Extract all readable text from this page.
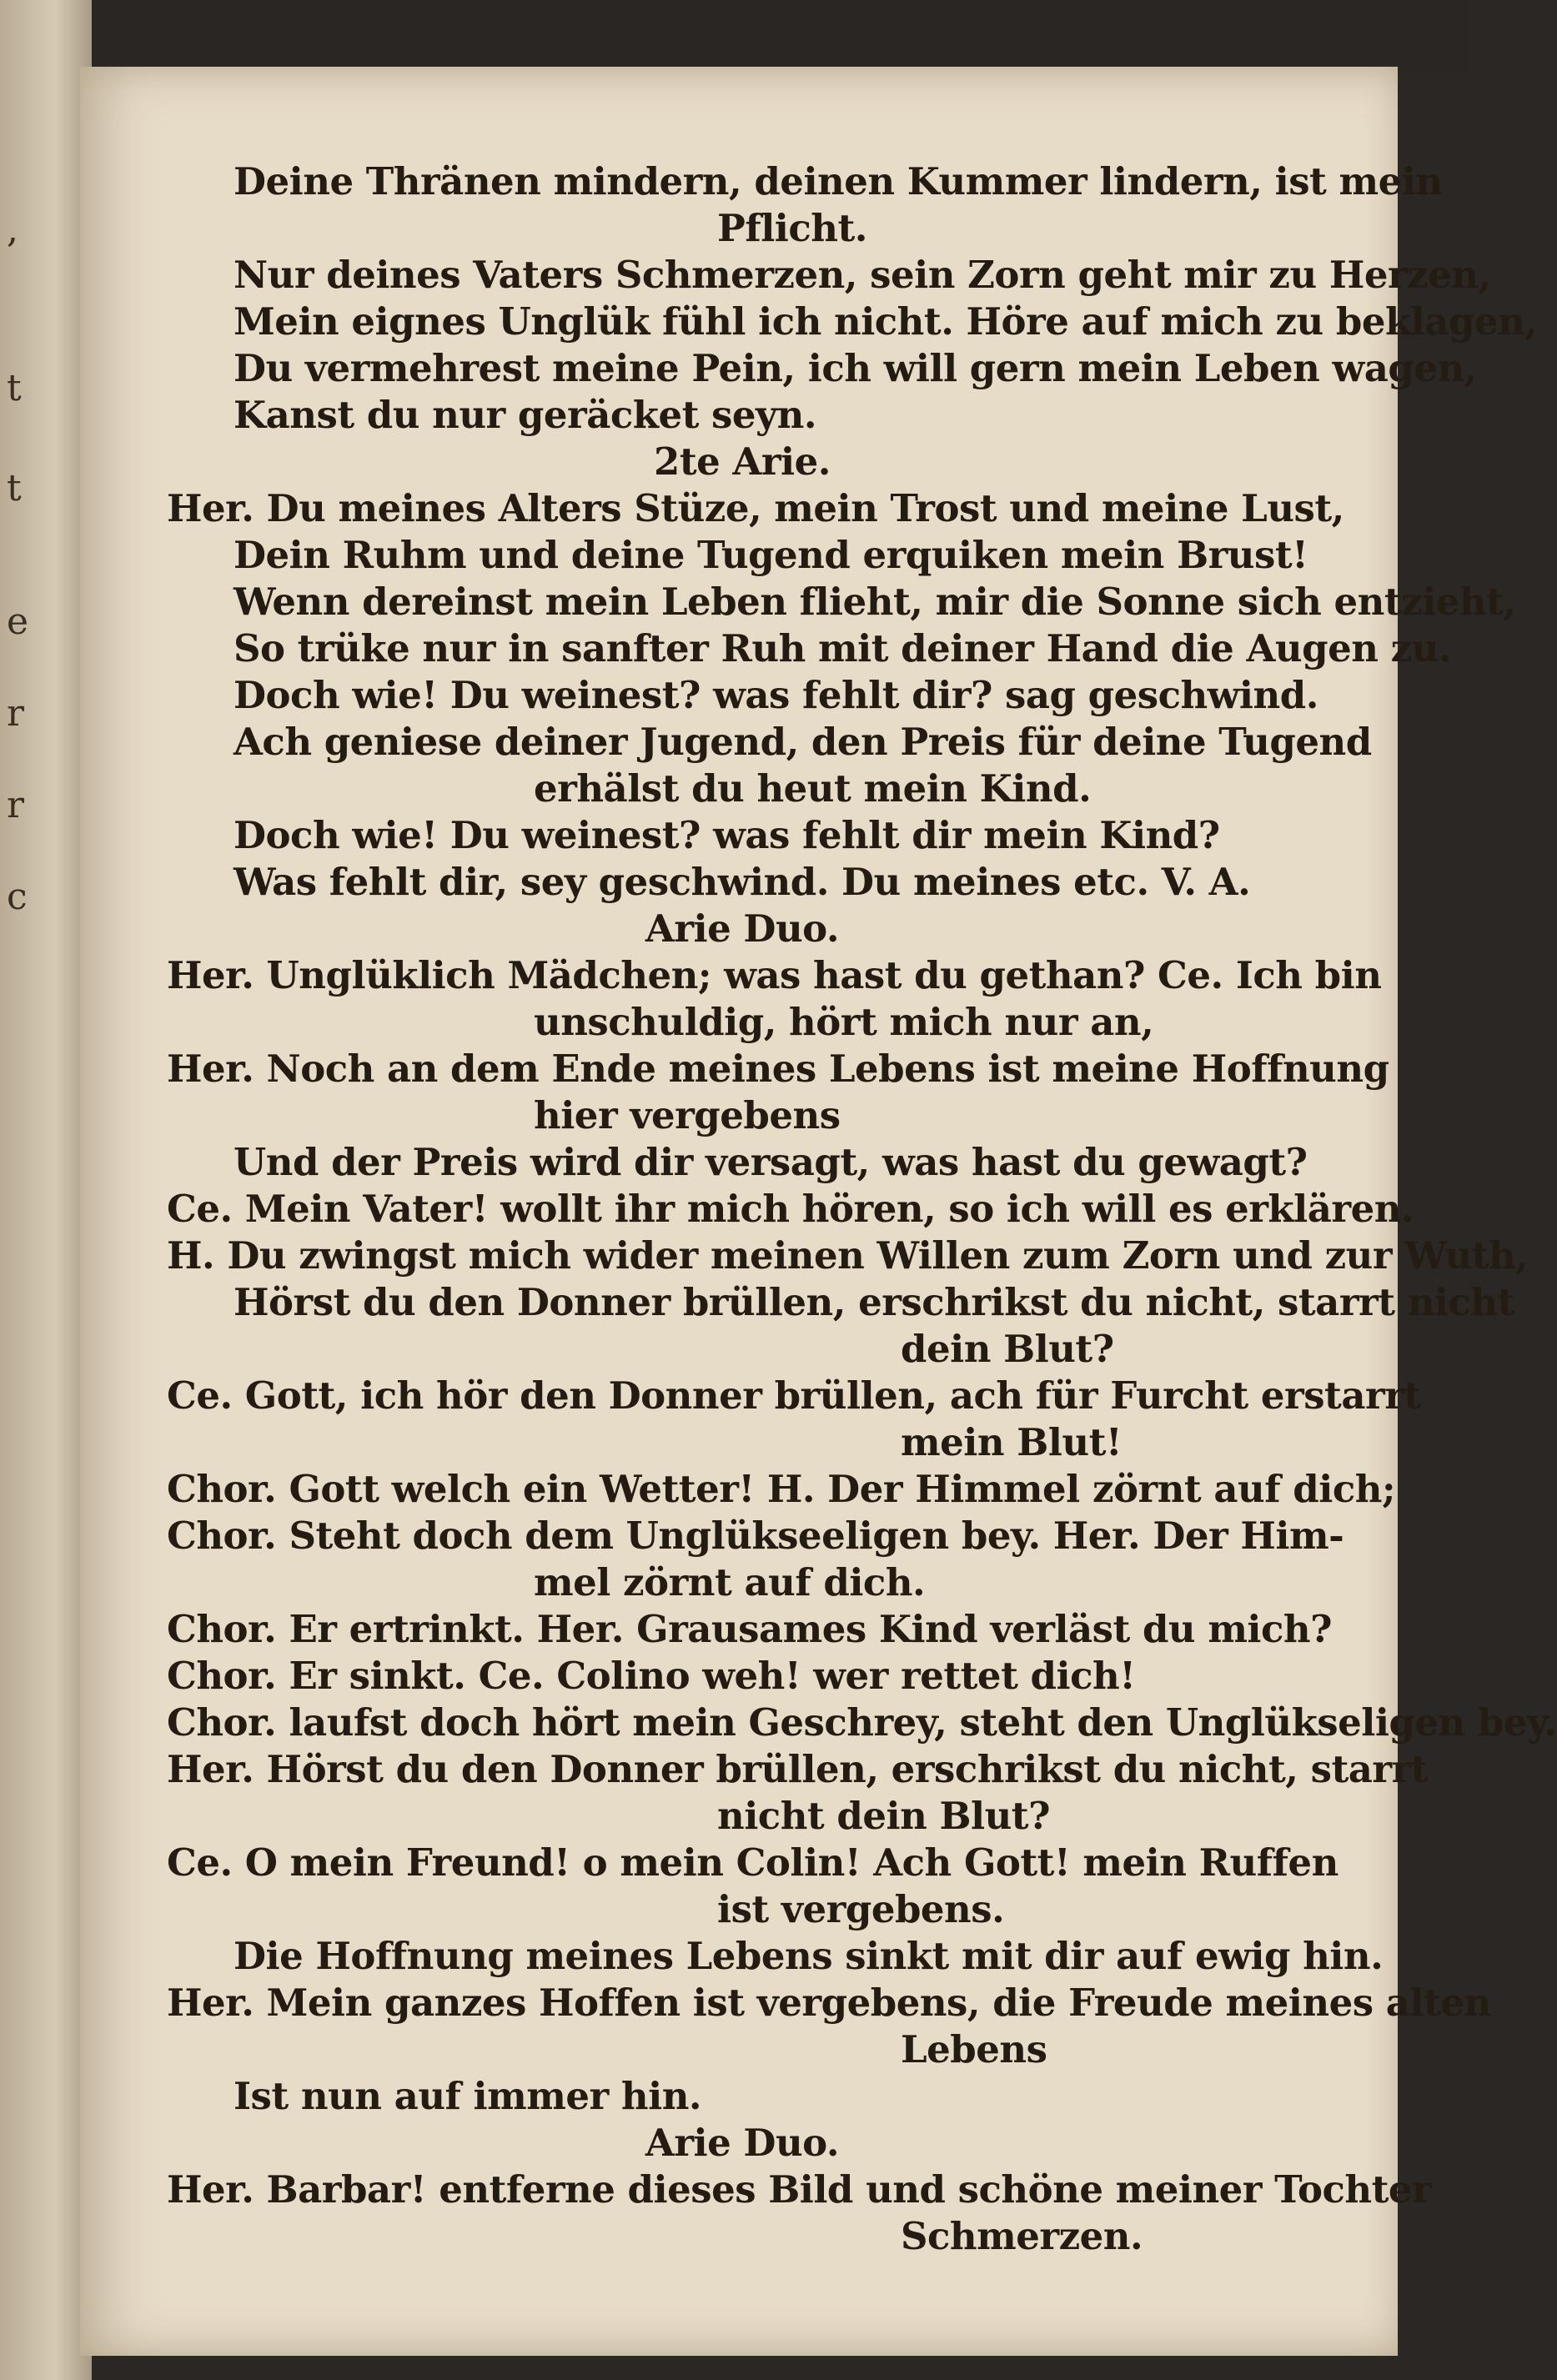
,
t
t
e
r
r
c
Deine Thränen mindern, deinen Kummer lindern, ist mein
Pflicht.
Nur deines Vaters Schmerzen, sein Zorn geht mir zu Herzen,
Mein eignes Unglük fühl ich nicht. Höre auf mich zu beklagen,
Du vermehrest meine Pein, ich will gern mein Leben wagen,
Kanst du nur geräcket seyn.
2te Arie.
Her. Du meines Alters Stüze, mein Trost und meine Lust,
Dein Ruhm und deine Tugend erquiken mein Brust!
Wenn dereinst mein Leben flieht, mir die Sonne sich entzieht,
So trüke nur in sanfter Ruh mit deiner Hand die Augen zu.
Doch wie! Du weinest? was fehlt dir? sag geschwind.
Ach geniese deiner Jugend, den Preis für deine Tugend
erhälst du heut mein Kind.
Doch wie! Du weinest? was fehlt dir mein Kind?
Was fehlt dir, sey geschwind. Du meines etc. V. A.
Arie Duo.
Her. Unglüklich Mädchen; was hast du gethan? Ce. Ich bin
unschuldig, hört mich nur an,
Her. Noch an dem Ende meines Lebens ist meine Hoffnung
hier vergebens
Und der Preis wird dir versagt, was hast du gewagt?
Ce. Mein Vater! wollt ihr mich hören, so ich will es erklären.
H. Du zwingst mich wider meinen Willen zum Zorn und zur Wuth,
Hörst du den Donner brüllen, erschrikst du nicht, starrt nicht
dein Blut?
Ce. Gott, ich hör den Donner brüllen, ach für Furcht erstarrt
mein Blut!
Chor. Gott welch ein Wetter! H. Der Himmel zörnt auf dich;
Chor. Steht doch dem Unglükseeligen bey. Her. Der Him-
mel zörnt auf dich.
Chor. Er ertrinkt. Her. Grausames Kind verläst du mich?
Chor. Er sinkt. Ce. Colino weh! wer rettet dich!
Chor. laufst doch hört mein Geschrey, steht den Unglükseligen bey.
Her. Hörst du den Donner brüllen, erschrikst du nicht, starrt
nicht dein Blut?
Ce. O mein Freund! o mein Colin! Ach Gott! mein Ruffen
ist vergebens.
Die Hoffnung meines Lebens sinkt mit dir auf ewig hin.
Her. Mein ganzes Hoffen ist vergebens, die Freude meines alten
Lebens
Ist nun auf immer hin.
Arie Duo.
Her. Barbar! entferne dieses Bild und schöne meiner Tochter
Schmerzen.
